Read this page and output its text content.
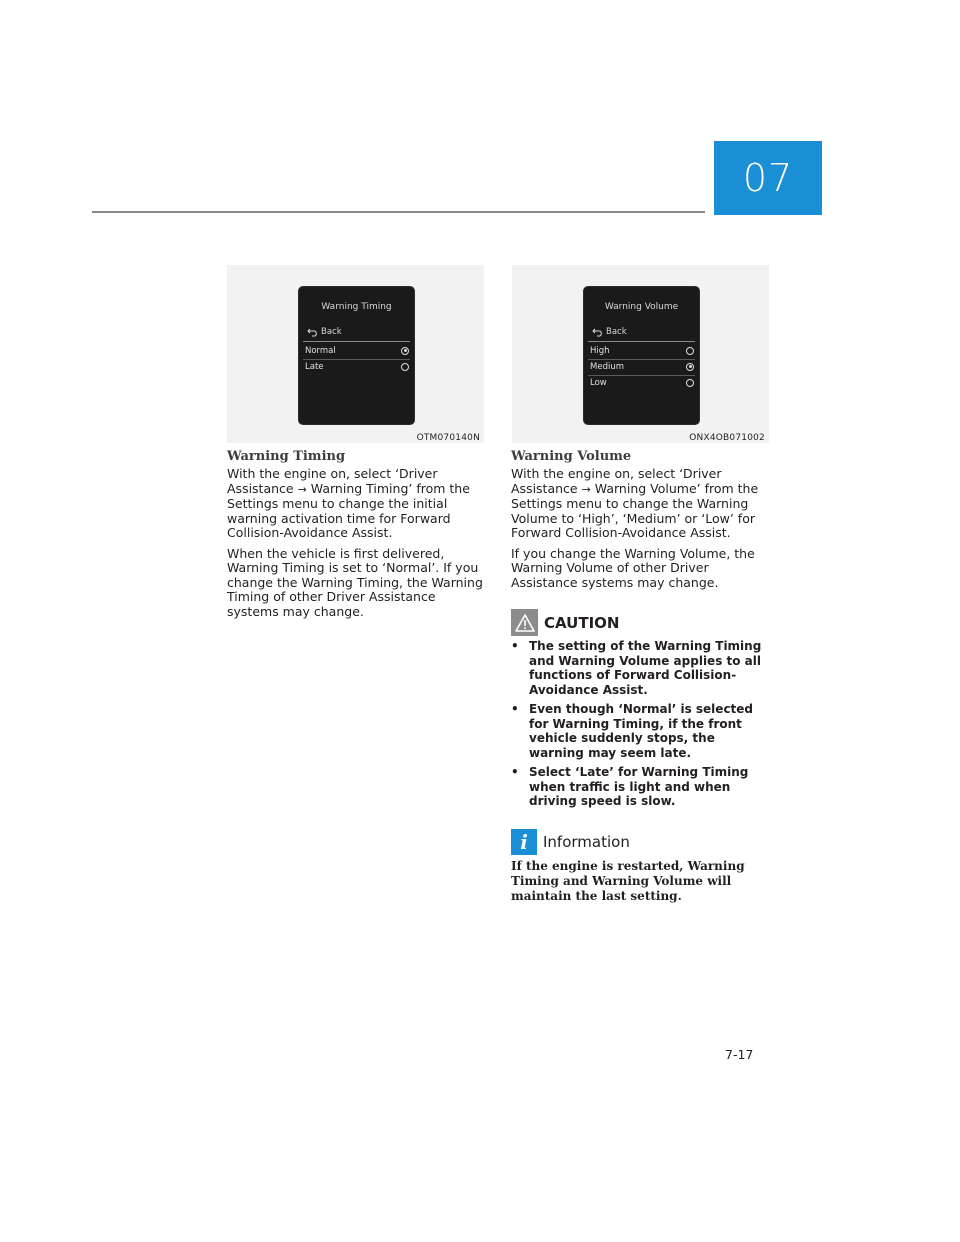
07
Warning Timing
Back
Normal
Late
OTM070140N
Warning Volume
Back
High
Medium
Low
ONX4OB071002
Warning Timing

With the engine on, select ‘Driver Assistance → Warning Timing’ from the Settings menu to change the initial warning activation time for Forward Collision-Avoidance Assist.

When the vehicle is first delivered, Warning Timing is set to ‘Normal’. If you change the Warning Timing, the Warning Timing of other Driver Assistance systems may change.

Warning Volume

With the engine on, select ‘Driver Assistance → Warning Volume’ from the Settings menu to change the Warning Volume to ‘High’, ‘Medium’ or ‘Low’ for Forward Collision-Avoidance Assist.

If you change the Warning Volume, the Warning Volume of other Driver Assistance systems may change.

CAUTION
• The setting of the Warning Timing and Warning Volume applies to all functions of Forward Collision-Avoidance Assist.
• Even though ‘Normal’ is selected for Warning Timing, if the front vehicle suddenly stops, the warning may seem late.
• Select ‘Late’ for Warning Timing when traffic is light and when driving speed is slow.
i	Information

If the engine is restarted, Warning Timing and Warning Volume will maintain the last setting.

7-17
